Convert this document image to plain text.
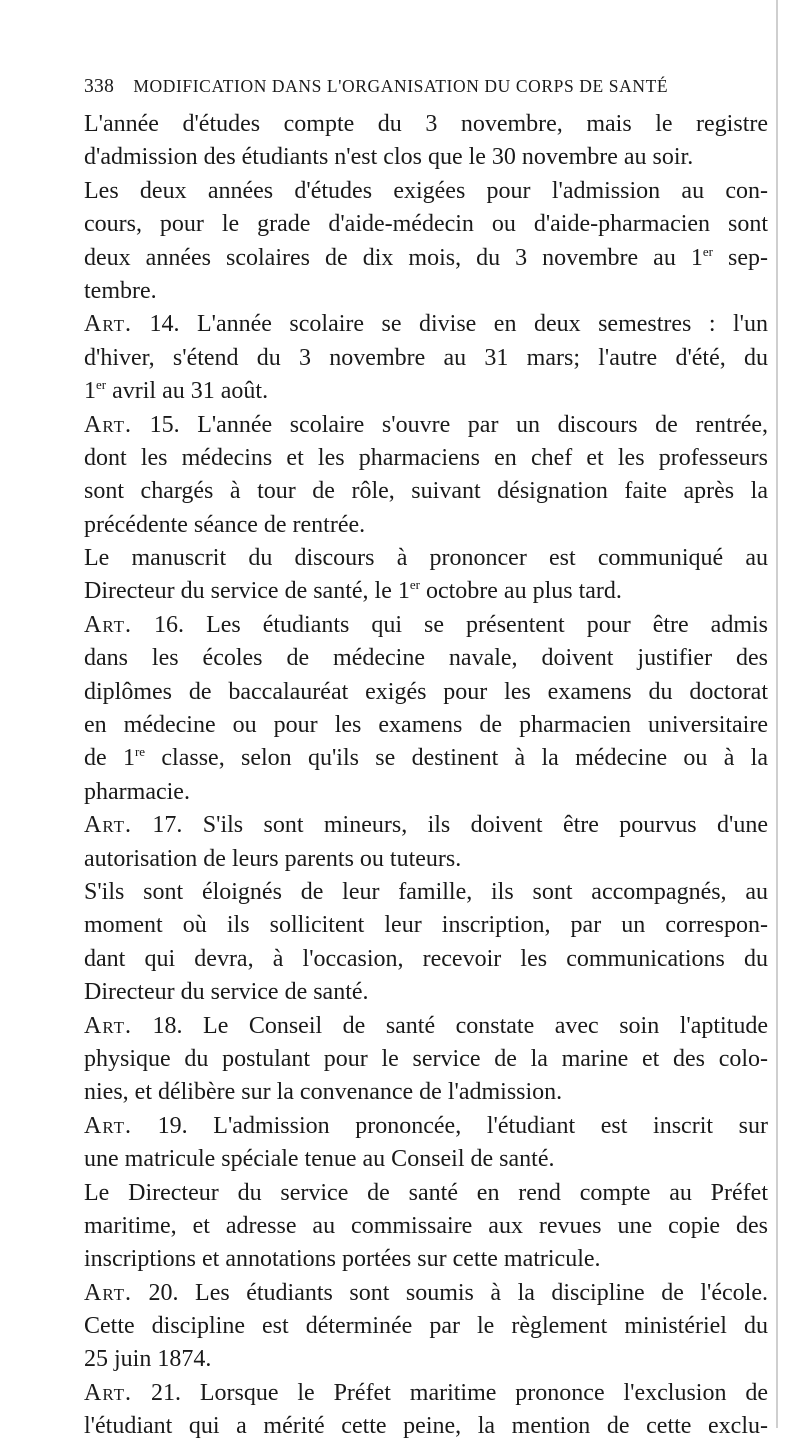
338 MODIFICATION DANS L'ORGANISATION DU CORPS DE SANTÉ
L'année d'études compte du 3 novembre, mais le registre
d'admission des étudiants n'est clos que le 30 novembre au soir.
Les deux années d'études exigées pour l'admission au con-
cours, pour le grade d'aide-médecin ou d'aide-pharmacien sont
deux années scolaires de dix mois, du 3 novembre au 1er sep-
tembre.
Art. 14. L'année scolaire se divise en deux semestres : l'un
d'hiver, s'étend du 3 novembre au 31 mars; l'autre d'été, du
1er avril au 31 août.
Art. 15. L'année scolaire s'ouvre par un discours de rentrée,
dont les médecins et les pharmaciens en chef et les professeurs
sont chargés à tour de rôle, suivant désignation faite après la
précédente séance de rentrée.
Le manuscrit du discours à prononcer est communiqué au
Directeur du service de santé, le 1er octobre au plus tard.
Art. 16. Les étudiants qui se présentent pour être admis
dans les écoles de médecine navale, doivent justifier des
diplômes de baccalauréat exigés pour les examens du doctorat
en médecine ou pour les examens de pharmacien universitaire
de 1re classe, selon qu'ils se destinent à la médecine ou à la
pharmacie.
Art. 17. S'ils sont mineurs, ils doivent être pourvus d'une
autorisation de leurs parents ou tuteurs.
S'ils sont éloignés de leur famille, ils sont accompagnés, au
moment où ils sollicitent leur inscription, par un correspon-
dant qui devra, à l'occasion, recevoir les communications du
Directeur du service de santé.
Art. 18. Le Conseil de santé constate avec soin l'aptitude
physique du postulant pour le service de la marine et des colo-
nies, et délibère sur la convenance de l'admission.
Art. 19. L'admission prononcée, l'étudiant est inscrit sur
une matricule spéciale tenue au Conseil de santé.
Le Directeur du service de santé en rend compte au Préfet
maritime, et adresse au commissaire aux revues une copie des
inscriptions et annotations portées sur cette matricule.
Art. 20. Les étudiants sont soumis à la discipline de l'école.
Cette discipline est déterminée par le règlement ministériel du
25 juin 1874.
Art. 21. Lorsque le Préfet maritime prononce l'exclusion de
l'étudiant qui a mérité cette peine, la mention de cette exclu-
